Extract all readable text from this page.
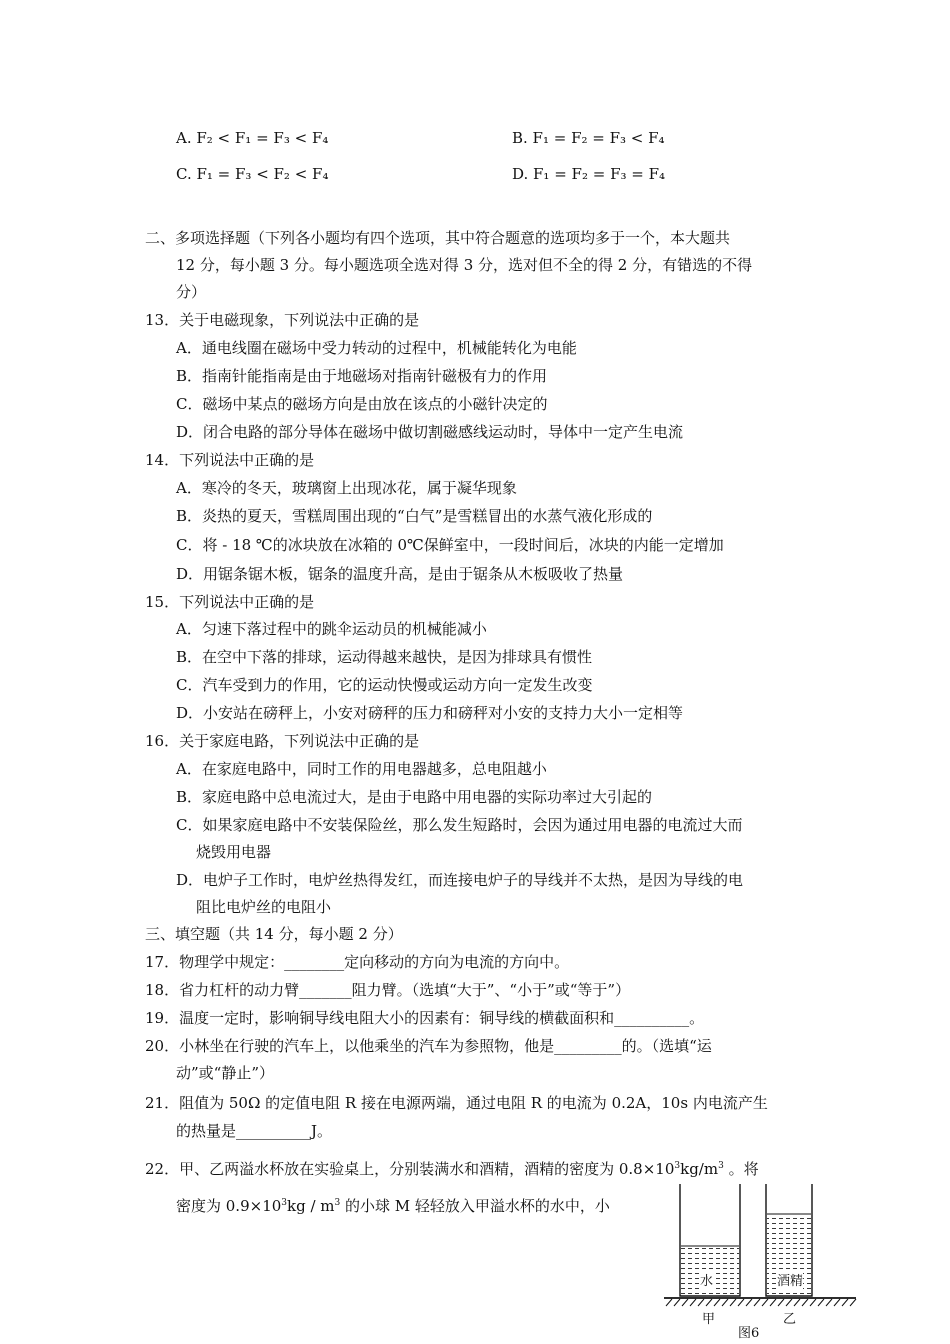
A. F₂ < F₁ = F₃ < F₄	B. F₁ = F₂ = F₃ < F₄
C. F₁ = F₃ < F₂ < F₄	D. F₁ = F₂ = F₃ = F₄
二、多项选择题（下列各小题均有四个选项，其中符合题意的选项均多于一个，本大题共
12 分，每小题 3 分。每小题选项全选对得 3 分，选对但不全的得 2 分，有错选的不得
分）
13．关于电磁现象，下列说法中正确的是
A．通电线圈在磁场中受力转动的过程中，机械能转化为电能
B．指南针能指南是由于地磁场对指南针磁极有力的作用
C．磁场中某点的磁场方向是由放在该点的小磁针决定的
D．闭合电路的部分导体在磁场中做切割磁感线运动时，导体中一定产生电流
14．下列说法中正确的是
A．寒冷的冬天，玻璃窗上出现冰花，属于凝华现象
B．炎热的夏天，雪糕周围出现的“白气”是雪糕冒出的水蒸气液化形成的
C．将 - 18 ℃的冰块放在冰箱的 0℃保鲜室中，一段时间后，冰块的内能一定增加
D．用锯条锯木板，锯条的温度升高，是由于锯条从木板吸收了热量
15．下列说法中正确的是
A．匀速下落过程中的跳伞运动员的机械能减小
B．在空中下落的排球，运动得越来越快，是因为排球具有惯性
C．汽车受到力的作用，它的运动快慢或运动方向一定发生改变
D．小安站在磅秤上，小安对磅秤的压力和磅秤对小安的支持力大小一定相等
16．关于家庭电路，下列说法中正确的是
A．在家庭电路中，同时工作的用电器越多，总电阻越小
B．家庭电路中总电流过大，是由于电路中用电器的实际功率过大引起的
C．如果家庭电路中不安装保险丝，那么发生短路时，会因为通过用电器的电流过大而
烧毁用电器
D．电炉子工作时，电炉丝热得发红，而连接电炉子的导线并不太热，是因为导线的电
阻比电炉丝的电阻小
三、填空题（共 14 分，每小题 2 分）
17．物理学中规定：________定向移动的方向为电流的方向中。
18．省力杠杆的动力臂_______阻力臂。（选填“大于”、“小于”或“等于”）
19．温度一定时，影响铜导线电阻大小的因素有：铜导线的横截面积和__________。
20．小林坐在行驶的汽车上，以他乘坐的汽车为参照物，他是_________的。（选填“运
动”或“静止”）
21．阻值为 50Ω 的定值电阻 R 接在电源两端，通过电阻 R 的电流为 0.2A，10s 内电流产生
的热量是__________J。
22．甲、乙两溢水杯放在实验桌上，分别装满水和酒精，酒精的密度为 $0.8\times 10^3kg/m^3$ 。将
密度为 $0.9\times 10^3kg / m^3$ 的小球 M 轻轻放入甲溢水杯的水中，小
水	酒精
甲	乙
图6
